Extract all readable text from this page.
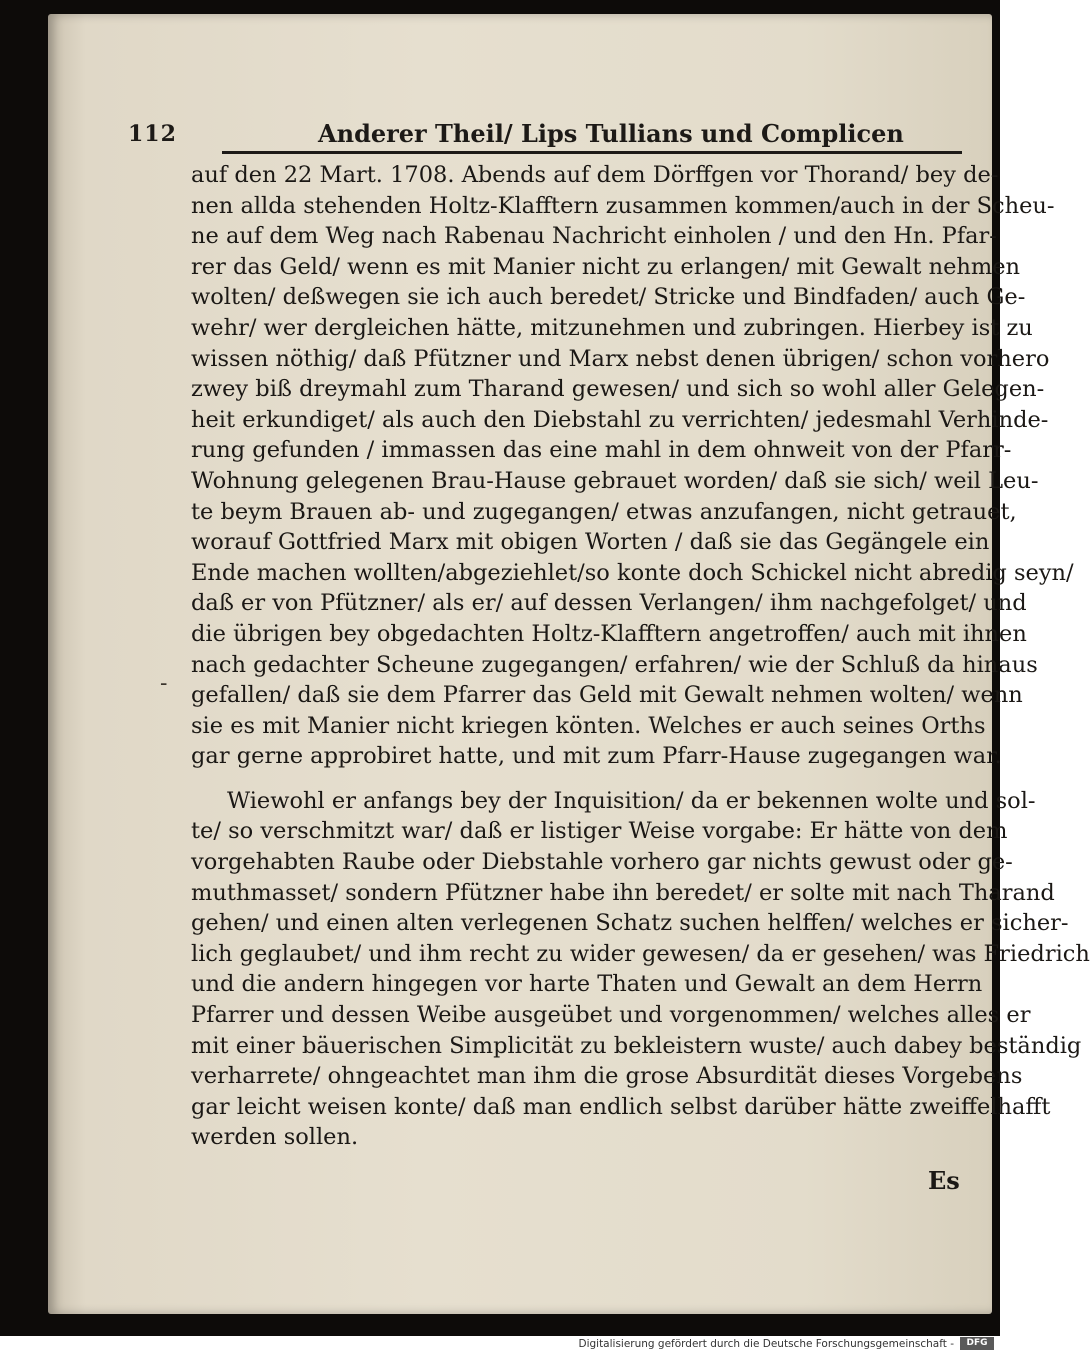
112	Anderer Theil/ Lips Tullians und Complicen
-
auf den 22 Mart. 1708. Abends auf dem Dörffgen vor Thorand/ bey de-
nen allda stehenden Holtz-Klafftern zusammen kommen/auch in der Scheu-
ne auf dem Weg nach Rabenau Nachricht einholen / und den Hn. Pfar-
rer das Geld/ wenn es mit Manier nicht zu erlangen/ mit Gewalt nehmen
wolten/ deßwegen sie ich auch beredet/ Stricke und Bindfaden/ auch Ge-
wehr/ wer dergleichen hätte, mitzunehmen und zubringen. Hierbey ist zu
wissen nöthig/ daß Pfützner und Marx nebst denen übrigen/ schon vorhero
zwey biß dreymahl zum Tharand gewesen/ und sich so wohl aller Gelegen-
heit erkundiget/ als auch den Diebstahl zu verrichten/ jedesmahl Verhinde-
rung gefunden / immassen das eine mahl in dem ohnweit von der Pfarr-
Wohnung gelegenen Brau-Hause gebrauet worden/ daß sie sich/ weil Leu-
te beym Brauen ab- und zugegangen/ etwas anzufangen, nicht getrauet,
worauf Gottfried Marx mit obigen Worten / daß sie das Gegängele ein
Ende machen wollten/abgeziehlet/so konte doch Schickel nicht abredig seyn/
daß er von Pfützner/ als er/ auf dessen Verlangen/ ihm nachgefolget/ und
die übrigen bey obgedachten Holtz-Klafftern angetroffen/ auch mit ihnen
nach gedachter Scheune zugegangen/ erfahren/ wie der Schluß da hinaus
gefallen/ daß sie dem Pfarrer das Geld mit Gewalt nehmen wolten/ wenn
sie es mit Manier nicht kriegen könten. Welches er auch seines Orths
gar gerne approbiret hatte, und mit zum Pfarr-Hause zugegangen war.
Wiewohl er anfangs bey der Inquisition/ da er bekennen wolte und sol-
te/ so verschmitzt war/ daß er listiger Weise vorgabe: Er hätte von dem
vorgehabten Raube oder Diebstahle vorhero gar nichts gewust oder ge-
muthmasset/ sondern Pfützner habe ihn beredet/ er solte mit nach Tharand
gehen/ und einen alten verlegenen Schatz suchen helffen/ welches er sicher-
lich geglaubet/ und ihm recht zu wider gewesen/ da er gesehen/ was Friedrich
und die andern hingegen vor harte Thaten und Gewalt an dem Herrn
Pfarrer und dessen Weibe ausgeübet und vorgenommen/ welches alles er
mit einer bäuerischen Simplicität zu bekleistern wuste/ auch dabey beständig
verharrete/ ohngeachtet man ihm die grose Absurdität dieses Vorgebens
gar leicht weisen konte/ daß man endlich selbst darüber hätte zweiffelhafft
werden sollen.
Es
Digitalisierung gefördert durch die Deutsche Forschungsgemeinschaft -	DFG
